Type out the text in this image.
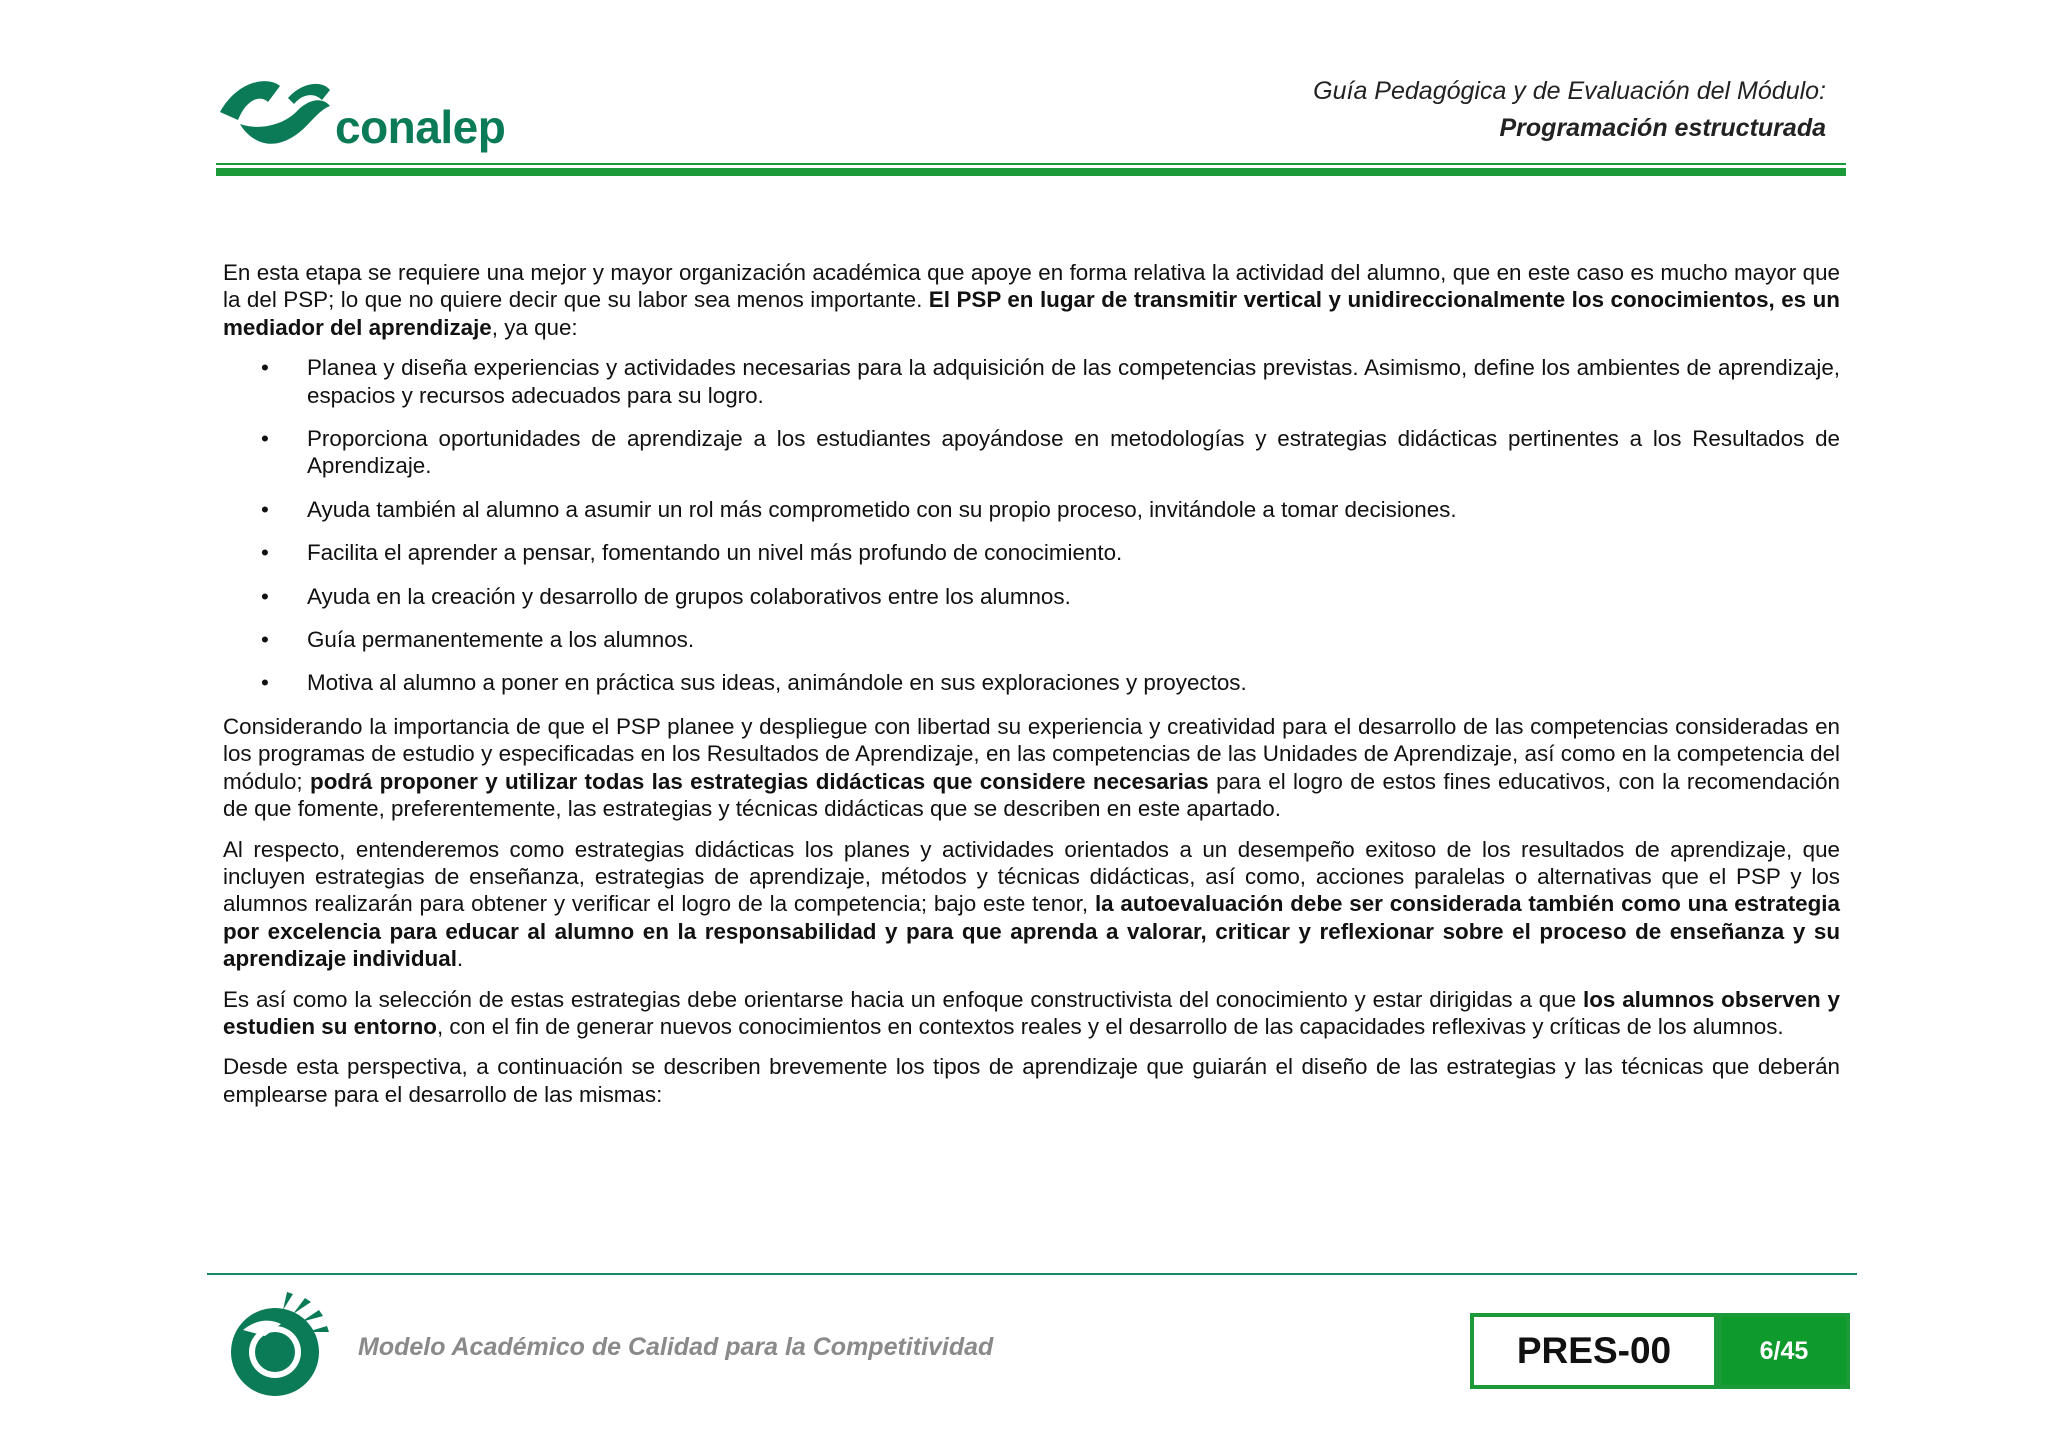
conalep
Guía Pedagógica y de Evaluación del Módulo:
Programación estructurada

En esta etapa se requiere una mejor y mayor organización académica que apoye en forma relativa la actividad del alumno, que en este caso es mucho mayor que la del PSP; lo que no quiere decir que su labor sea menos importante. El PSP en lugar de transmitir vertical y unidireccionalmente los conocimientos, es un mediador del aprendizaje, ya que:

• Planea y diseña experiencias y actividades necesarias para la adquisición de las competencias previstas. Asimismo, define los ambientes de aprendizaje, espacios y recursos adecuados para su logro.
• Proporciona oportunidades de aprendizaje a los estudiantes apoyándose en metodologías y estrategias didácticas pertinentes a los Resultados de Aprendizaje.
• Ayuda también al alumno a asumir un rol más comprometido con su propio proceso, invitándole a tomar decisiones.
• Facilita el aprender a pensar, fomentando un nivel más profundo de conocimiento.
• Ayuda en la creación y desarrollo de grupos colaborativos entre los alumnos.
• Guía permanentemente a los alumnos.
• Motiva al alumno a poner en práctica sus ideas, animándole en sus exploraciones y proyectos.

Considerando la importancia de que el PSP planee y despliegue con libertad su experiencia y creatividad para el desarrollo de las competencias consideradas en los programas de estudio y especificadas en los Resultados de Aprendizaje, en las competencias de las Unidades de Aprendizaje, así como en la competencia del módulo; podrá proponer y utilizar todas las estrategias didácticas que considere necesarias para el logro de estos fines educativos, con la recomendación de que fomente, preferentemente, las estrategias y técnicas didácticas que se describen en este apartado.

Al respecto, entenderemos como estrategias didácticas los planes y actividades orientados a un desempeño exitoso de los resultados de aprendizaje, que incluyen estrategias de enseñanza, estrategias de aprendizaje, métodos y técnicas didácticas, así como, acciones paralelas o alternativas que el PSP y los alumnos realizarán para obtener y verificar el logro de la competencia; bajo este tenor, la autoevaluación debe ser considerada también como una estrategia por excelencia para educar al alumno en la responsabilidad y para que aprenda a valorar, criticar y reflexionar sobre el proceso de enseñanza y su aprendizaje individual.

Es así como la selección de estas estrategias debe orientarse hacia un enfoque constructivista del conocimiento y estar dirigidas a que los alumnos observen y estudien su entorno, con el fin de generar nuevos conocimientos en contextos reales y el desarrollo de las capacidades reflexivas y críticas de los alumnos.

Desde esta perspectiva, a continuación se describen brevemente los tipos de aprendizaje que guiarán el diseño de las estrategias y las técnicas que deberán emplearse para el desarrollo de las mismas:

Modelo Académico de Calidad para la Competitividad	PRES-00	6/45
